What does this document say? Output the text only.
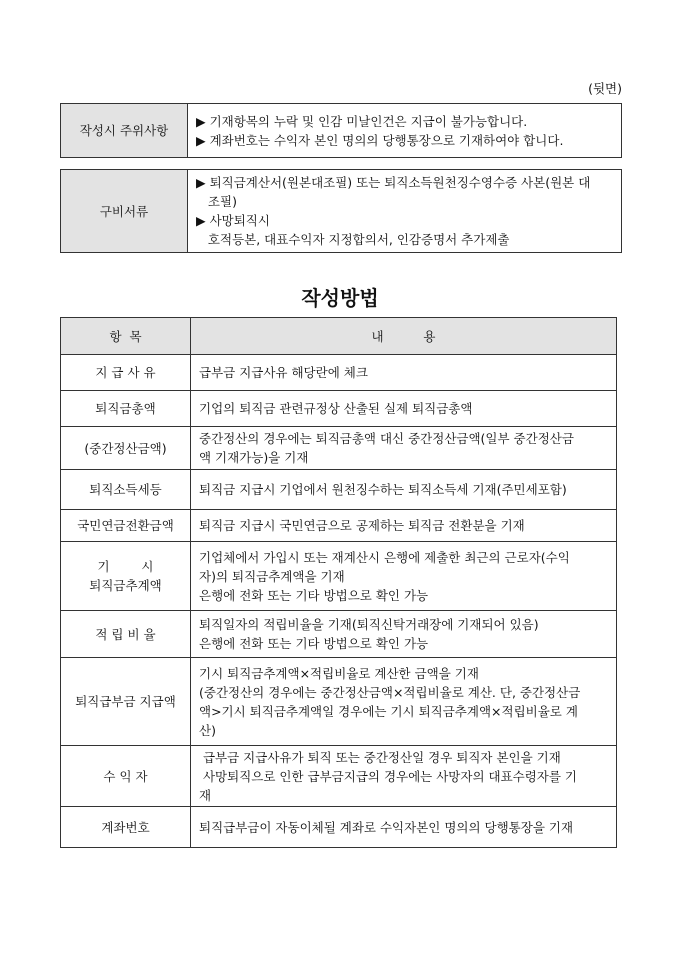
(뒷면)
작성시 주위사항	
▶ 기재항목의 누락 및 인감 미날인건은 지급이 불가능합니다.
▶ 계좌번호는 수익자 본인 명의의 당행통장으로 기재하여야 합니다.
구비서류	
▶ 퇴직금계산서(원본대조필) 또는 퇴직소득원천징수영수증 사본(원본 대
조필)
▶ 사망퇴직시
호적등본, 대표수익자 지정합의서, 인감증명서 추가제출
작성방법
항  목	내          용

지 급 사 유	급부금 지급사유 해당란에 체크

퇴직금총액	기업의 퇴직금 관련규정상 산출된 실제 퇴직금총액

(중간정산금액)	중간정산의 경우에는 퇴직금총액 대신 중간정산금액(일부 중간정산금
액 기재가능)을 기재

퇴직소득세등	퇴직금 지급시 기업에서 원천징수하는 퇴직소득세 기재(주민세포함)

국민연금전환금액	퇴직금 지급시 국민연금으로 공제하는 퇴직금 전환분을 기재

기        시
퇴직금추계액	기업체에서 가입시 또는 재계산시 은행에 제출한 최근의 근로자(수익
자)의 퇴직금추계액을 기재
은행에 전화 또는 기타 방법으로 확인 가능

적 립 비 율	퇴직일자의 적립비율을 기재(퇴직신탁거래장에 기재되어 있음)
은행에 전화 또는 기타 방법으로 확인 가능

퇴직급부금 지급액	기시 퇴직금추계액×적립비율로 계산한 금액을 기재
(중간정산의 경우에는 중간정산금액×적립비율로 계산. 단, 중간정산금
액>기시 퇴직금추계액일 경우에는 기시 퇴직금추계액×적립비율로 계
산)

수 익 자	급부금 지급사유가 퇴직 또는 중간정산일 경우 퇴직자 본인을 기재
사망퇴직으로 인한 급부금지급의 경우에는 사망자의 대표수령자를 기
재

계좌번호	퇴직급부금이 자동이체될 계좌로 수익자본인 명의의 당행통장을 기재
